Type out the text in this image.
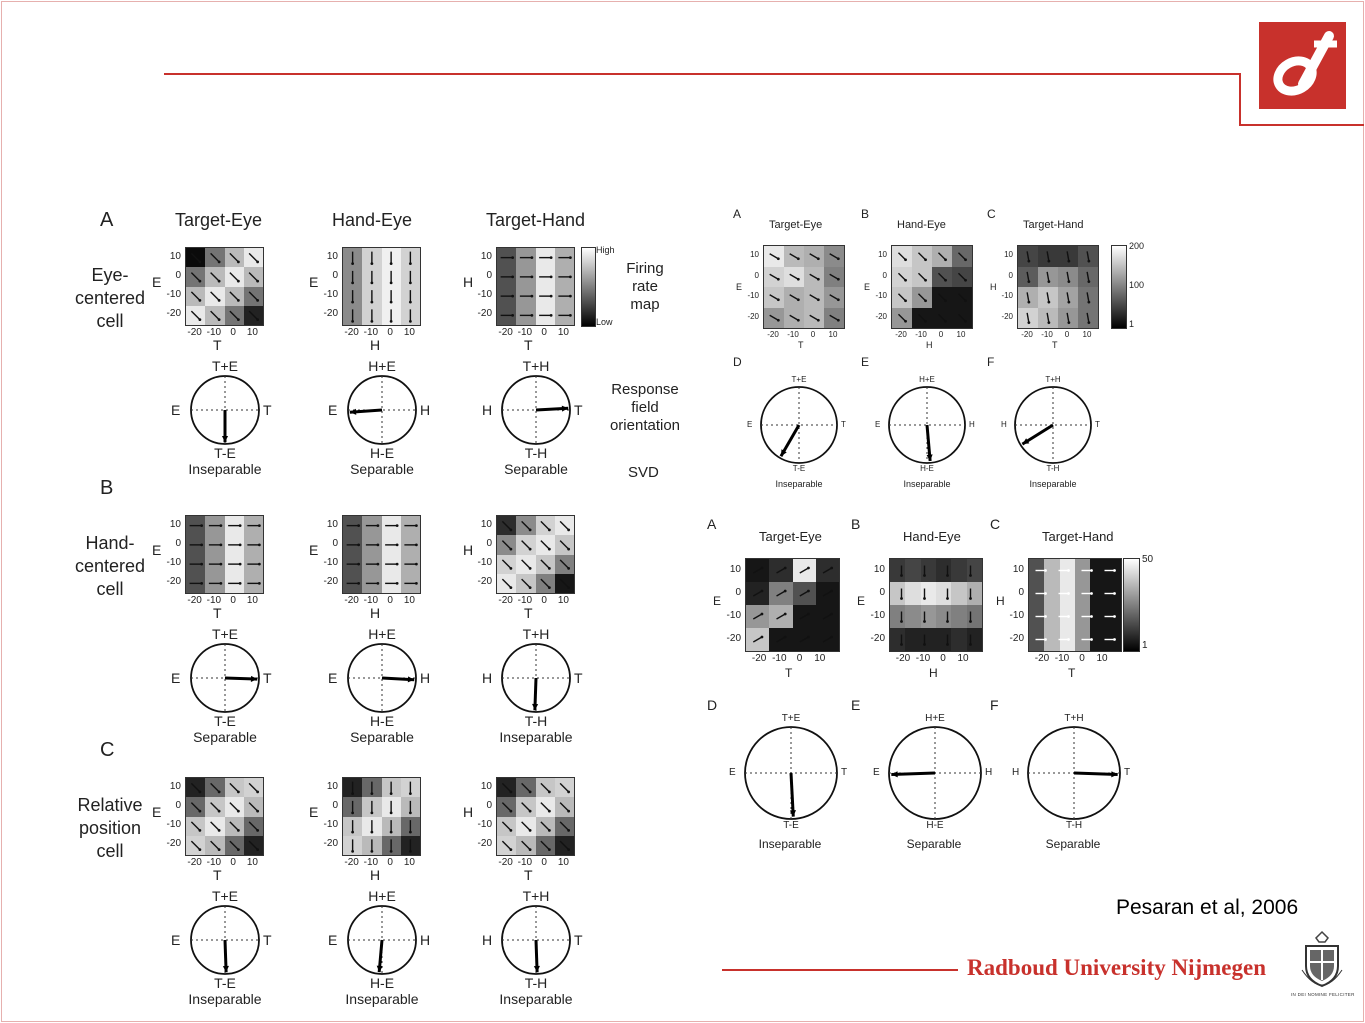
Radboud University Nijmegen
IN DEI NOMINE FELICITER
Pesaran et al, 2006
Target-Eye	Hand-Eye	Target-Hand
A
Eye-
centered
cell
10
0
-10
-20
-20 -10 0	10
T
E
T+E
T-E
E	T
Inseparable
10
0
-10
-20
-20 -10 0	10
H
E
H+E
H-E
E	H
Separable
10
0
-10
-20
-20 -10 0	10
T
H
T+H
T-H
H	T
Separable
B
Hand-
centered
cell
10
0
-10
-20
-20 -10 0	10
T
E
T+E
T-E
E	T
Separable
10
0
-10
-20
-20 -10 0	10
H
E
H+E
H-E
E	H
Separable
10
0
-10
-20
-20 -10 0	10
T
H
T+H
T-H
H	T
Inseparable
C
Relative
position
cell
10
0
-10
-20
-20 -10 0	10
T
E
T+E
T-E
E	T
Inseparable
10
0
-10
-20
-20 -10 0	10
H
E
H+E
H-E
E	H
Inseparable
10
0
-10
-20
-20 -10 0	10
T
H
T+H
T-H
H	T
Inseparable
High
Low
Firing
rate
map
Response
field
orientation
SVD
A
Target-Eye
10
0
-10
-20
-20	-10	0	10
T
E
D
T+E
T-E
E	T
Inseparable
B
Hand-Eye
10
0
-10
-20
-20	-10	0	10
H
E
E
H+E
H-E
E	H
Inseparable
C
Target-Hand
10
0
-10
-20
-20	-10	0	10
T
H
F
T+H
T-H
H	T
Inseparable
200
100
1
A
Target-Eye
10
0
-10
-20
-20 -10	0	10
T
E
D
T+E
T-E
E	T
Inseparable
B
Hand-Eye
10
0
-10
-20
-20 -10	0	10
H
E
E
H+E
H-E
E	H
Separable
C
Target-Hand
10
0
-10
-20
-20 -10	0	10
T
H
F
T+H
T-H
H	T
Separable
50
1
